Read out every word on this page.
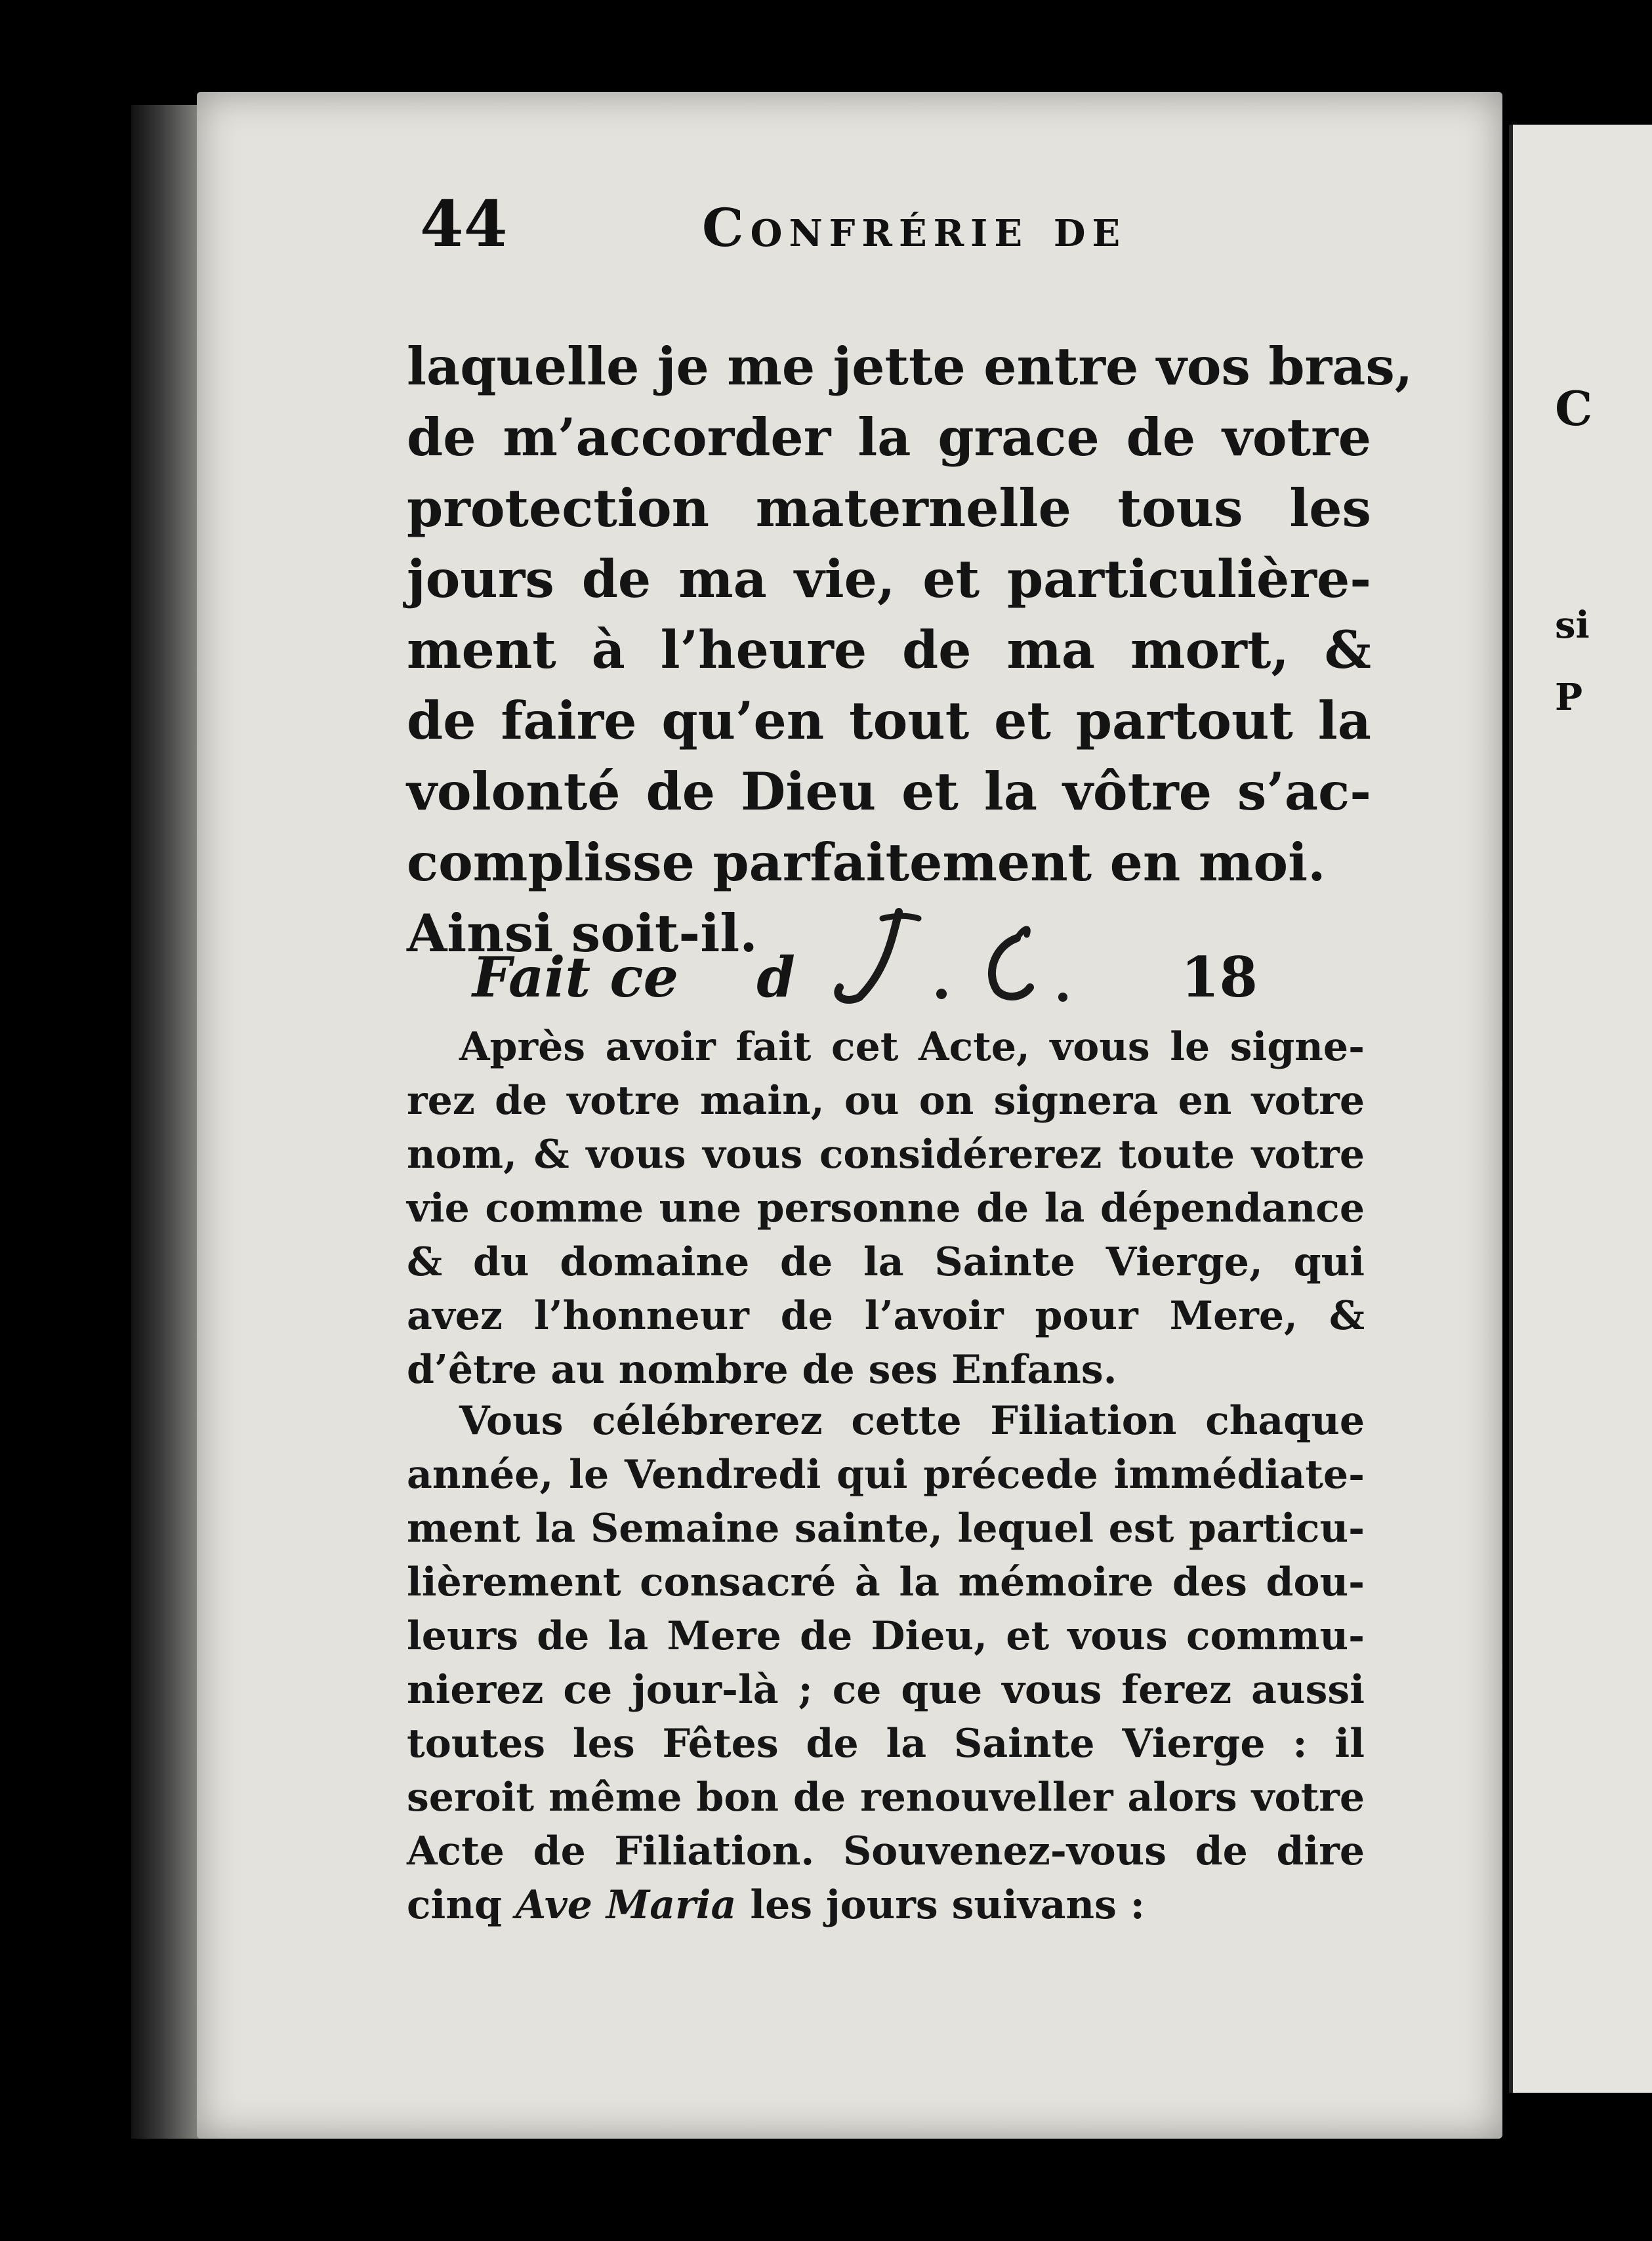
C
si
P
44	Confrérie de
laquelle je me jette entre vos bras,
de m’accorder la grace de votre
protection maternelle tous les
jours de ma vie, et particulière-
ment à l’heure de ma mort, &
de faire qu’en tout et partout la
volonté de Dieu et la vôtre s’ac-
complisse parfaitement en moi.
Ainsi soit-il.
Fait ce d	18
Après avoir fait cet Acte, vous le signe-
rez de votre main, ou on signera en votre
nom, & vous vous considérerez toute votre
vie comme une personne de la dépendance
& du domaine de la Sainte Vierge, qui
avez l’honneur de l’avoir pour Mere, &
d’être au nombre de ses Enfans.
Vous célébrerez cette Filiation chaque
année, le Vendredi qui précede immédiate-
ment la Semaine sainte, lequel est particu-
lièrement consacré à la mémoire des dou-
leurs de la Mere de Dieu, et vous commu-
nierez ce jour-là ; ce que vous ferez aussi
toutes les Fêtes de la Sainte Vierge : il
seroit même bon de renouveller alors votre
Acte de Filiation. Souvenez-vous de dire
cinq Ave Maria les jours suivans :
